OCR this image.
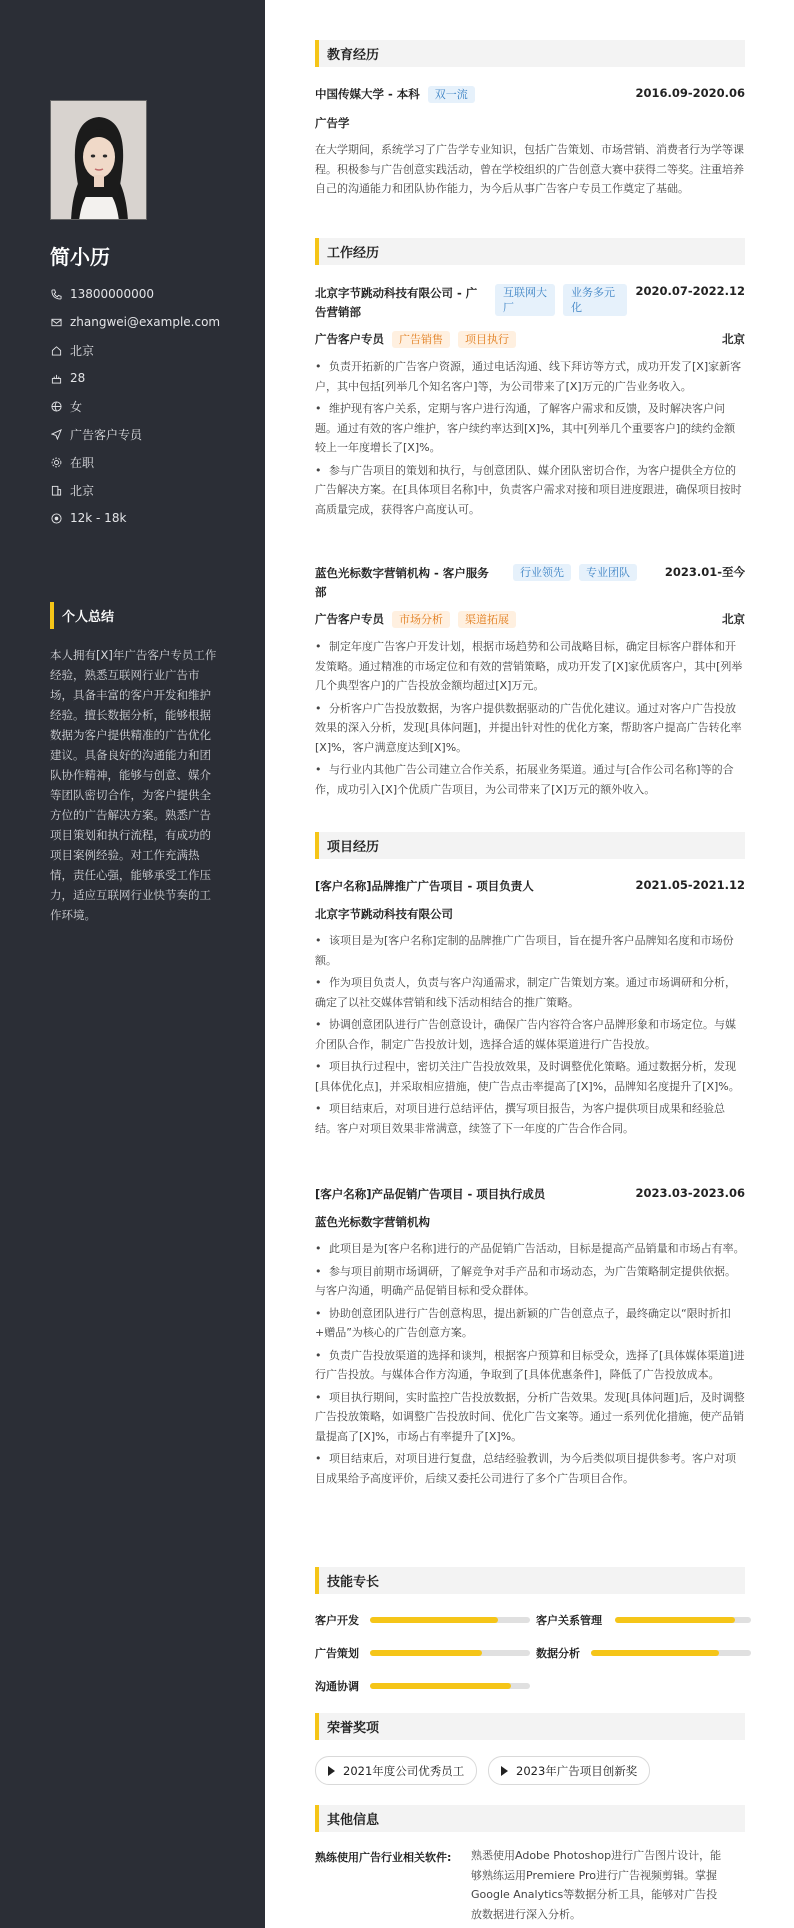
简小历
13800000000
zhangwei@example.com
北京
28
女
广告客户专员
在职
北京
12k - 18k
个人总结
本人拥有[X]年广告客户专员工作经验，熟悉互联网行业广告市场，具备丰富的客户开发和维护经验。擅长数据分析，能够根据数据为客户提供精准的广告优化建议。具备良好的沟通能力和团队协作精神，能够与创意、媒介等团队密切合作，为客户提供全方位的广告解决方案。熟悉广告项目策划和执行流程，有成功的项目案例经验。对工作充满热情，责任心强，能够承受工作压力，适应互联网行业快节奏的工作环境。
教育经历
中国传媒大学 - 本科	双一流	2016.09-2020.06
广告学
在大学期间，系统学习了广告学专业知识，包括广告策划、市场营销、消费者行为学等课程。积极参与广告创意实践活动，曾在学校组织的广告创意大赛中获得二等奖。注重培养自己的沟通能力和团队协作能力，为今后从事广告客户专员工作奠定了基础。
工作经历
北京字节跳动科技有限公司 - 广
告营销部
互联网大厂
业务多元化
2020.07-2022.12
广告客户专员	广告销售	项目执行	北京
• 负责开拓新的广告客户资源，通过电话沟通、线下拜访等方式，成功开发了[X]家新客户，其中包括[列举几个知名客户]等，为公司带来了[X]万元的广告业务收入。
• 维护现有客户关系，定期与客户进行沟通，了解客户需求和反馈，及时解决客户问题。通过有效的客户维护，客户续约率达到[X]%，其中[列举几个重要客户]的续约金额较上一年度增长了[X]%。
• 参与广告项目的策划和执行，与创意团队、媒介团队密切合作，为客户提供全方位的广告解决方案。在[具体项目名称]中，负责客户需求对接和项目进度跟进，确保项目按时高质量完成，获得客户高度认可。
蓝色光标数字营销机构 - 客户服务
部
行业领先	专业团队	2023.01-至今
广告客户专员	市场分析	渠道拓展	北京
• 制定年度广告客户开发计划，根据市场趋势和公司战略目标，确定目标客户群体和开发策略。通过精准的市场定位和有效的营销策略，成功开发了[X]家优质客户，其中[列举几个典型客户]的广告投放金额均超过[X]万元。
• 分析客户广告投放数据，为客户提供数据驱动的广告优化建议。通过对客户广告投放效果的深入分析，发现[具体问题]，并提出针对性的优化方案，帮助客户提高广告转化率[X]%，客户满意度达到[X]%。
• 与行业内其他广告公司建立合作关系，拓展业务渠道。通过与[合作公司名称]等的合作，成功引入[X]个优质广告项目，为公司带来了[X]万元的额外收入。
项目经历
[客户名称]品牌推广广告项目 - 项目负责人	2021.05-2021.12
北京字节跳动科技有限公司
• 该项目是为[客户名称]定制的品牌推广广告项目，旨在提升客户品牌知名度和市场份额。
• 作为项目负责人，负责与客户沟通需求，制定广告策划方案。通过市场调研和分析，确定了以社交媒体营销和线下活动相结合的推广策略。
• 协调创意团队进行广告创意设计，确保广告内容符合客户品牌形象和市场定位。与媒介团队合作，制定广告投放计划，选择合适的媒体渠道进行广告投放。
• 项目执行过程中，密切关注广告投放效果，及时调整优化策略。通过数据分析，发现[具体优化点]，并采取相应措施，使广告点击率提高了[X]%，品牌知名度提升了[X]%。
• 项目结束后，对项目进行总结评估，撰写项目报告，为客户提供项目成果和经验总结。客户对项目效果非常满意，续签了下一年度的广告合作合同。
[客户名称]产品促销广告项目 - 项目执行成员	2023.03-2023.06
蓝色光标数字营销机构
• 此项目是为[客户名称]进行的产品促销广告活动，目标是提高产品销量和市场占有率。
• 参与项目前期市场调研，了解竞争对手产品和市场动态，为广告策略制定提供依据。与客户沟通，明确产品促销目标和受众群体。
• 协助创意团队进行广告创意构思，提出新颖的广告创意点子，最终确定以“限时折扣+赠品”为核心的广告创意方案。
• 负责广告投放渠道的选择和谈判，根据客户预算和目标受众，选择了[具体媒体渠道]进行广告投放。与媒体合作方沟通，争取到了[具体优惠条件]，降低了广告投放成本。
• 项目执行期间，实时监控广告投放数据，分析广告效果。发现[具体问题]后，及时调整广告投放策略，如调整广告投放时间、优化广告文案等。通过一系列优化措施，使产品销量提高了[X]%，市场占有率提升了[X]%。
• 项目结束后，对项目进行复盘，总结经验教训，为今后类似项目提供参考。客户对项目成果给予高度评价，后续又委托公司进行了多个广告项目合作。
技能专长
客户开发	客户关系管理
广告策划	数据分析
沟通协调
荣誉奖项
2021年度公司优秀员工	2023年广告项目创新奖
其他信息
熟练使用广告行业相关软件: 熟悉使用Adobe Photoshop进行广告图片设计，能
够熟练运用Premiere Pro进行广告视频剪辑。掌握
Google Analytics等数据分析工具，能够对广告投
放数据进行深入分析。
